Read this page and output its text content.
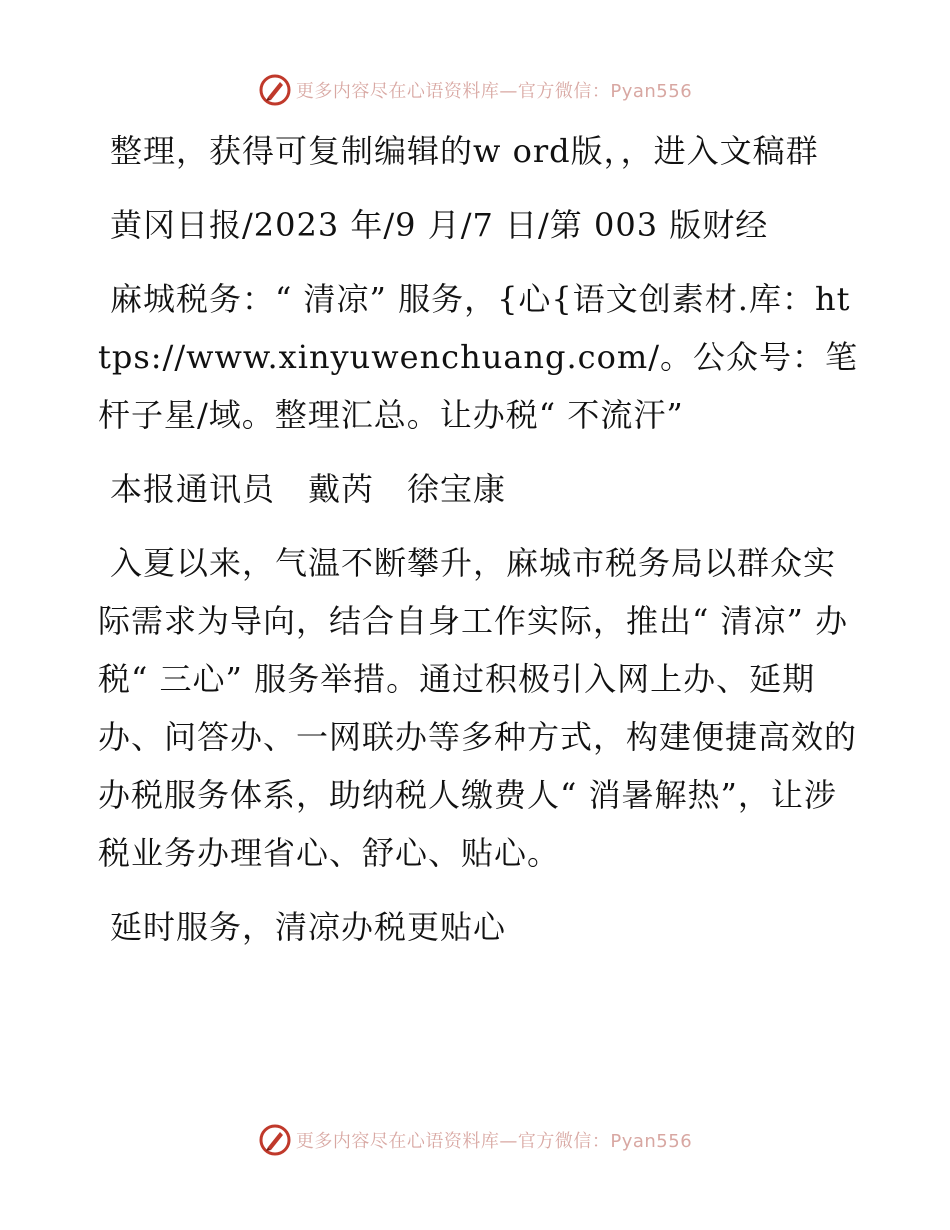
更多内容尽在心语资料库—官方微信：Pyan556

整理，获得可复制编辑的w ord版，，进入文稿群

黄冈日报/2023 年/9 月/7 日/第 003 版财经

麻城税务：“ 清凉” 服务，{心{语文创素材.库：https://www.xinyuwenchuang.com/。公众号：笔杆子星/域。整理汇总。让办税“ 不流汗”

本报通讯员　戴芮　徐宝康

入夏以来，气温不断攀升，麻城市税务局以群众实际需求为导向，结合自身工作实际，推出“ 清凉” 办税“ 三心” 服务举措。通过积极引入网上办、延期办、问答办、一网联办等多种方式，构建便捷高效的办税服务体系，助纳税人缴费人“ 消暑解热”，让涉税业务办理省心、舒心、贴心。

延时服务，清凉办税更贴心

更多内容尽在心语资料库—官方微信：Pyan556
